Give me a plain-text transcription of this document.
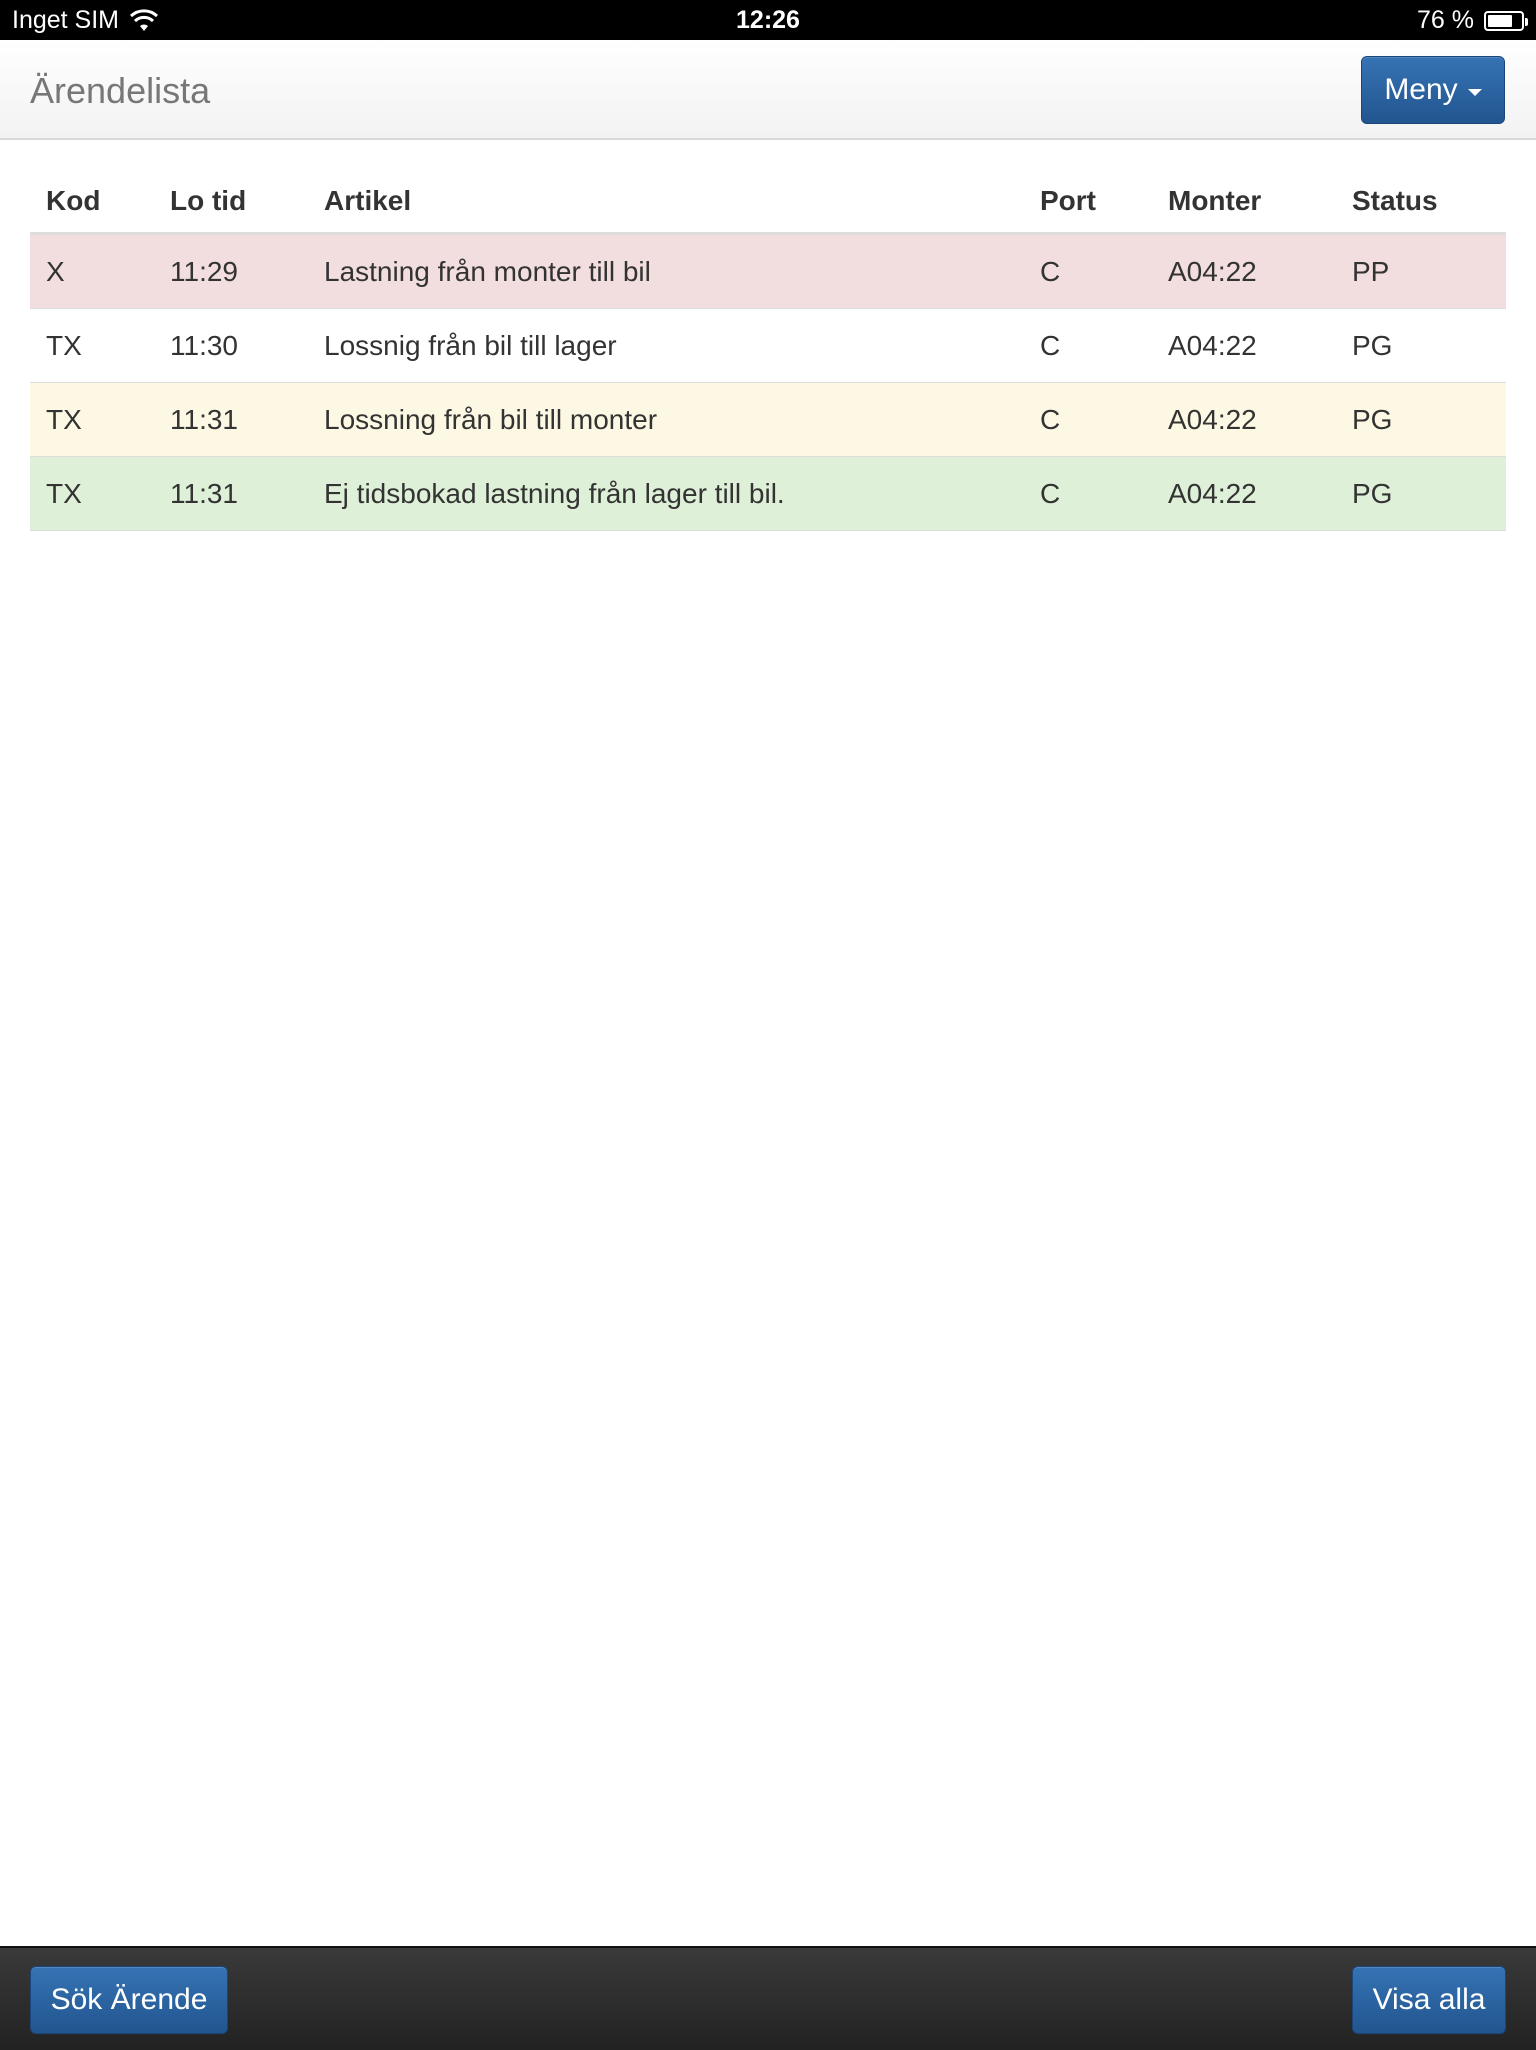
Inget SIM	12:26	76 %
Ärendelista	Meny
Kod	Lo tid	Artikel	Port	Monter	Status
X	11:29	Lastning från monter till bil	C	A04:22	PP
TX	11:30	Lossnig från bil till lager	C	A04:22	PG
TX	11:31	Lossning från bil till monter	C	A04:22	PG
TX	11:31	Ej tidsbokad lastning från lager till bil.	C	A04:22	PG
Sök Ärende	Visa alla
